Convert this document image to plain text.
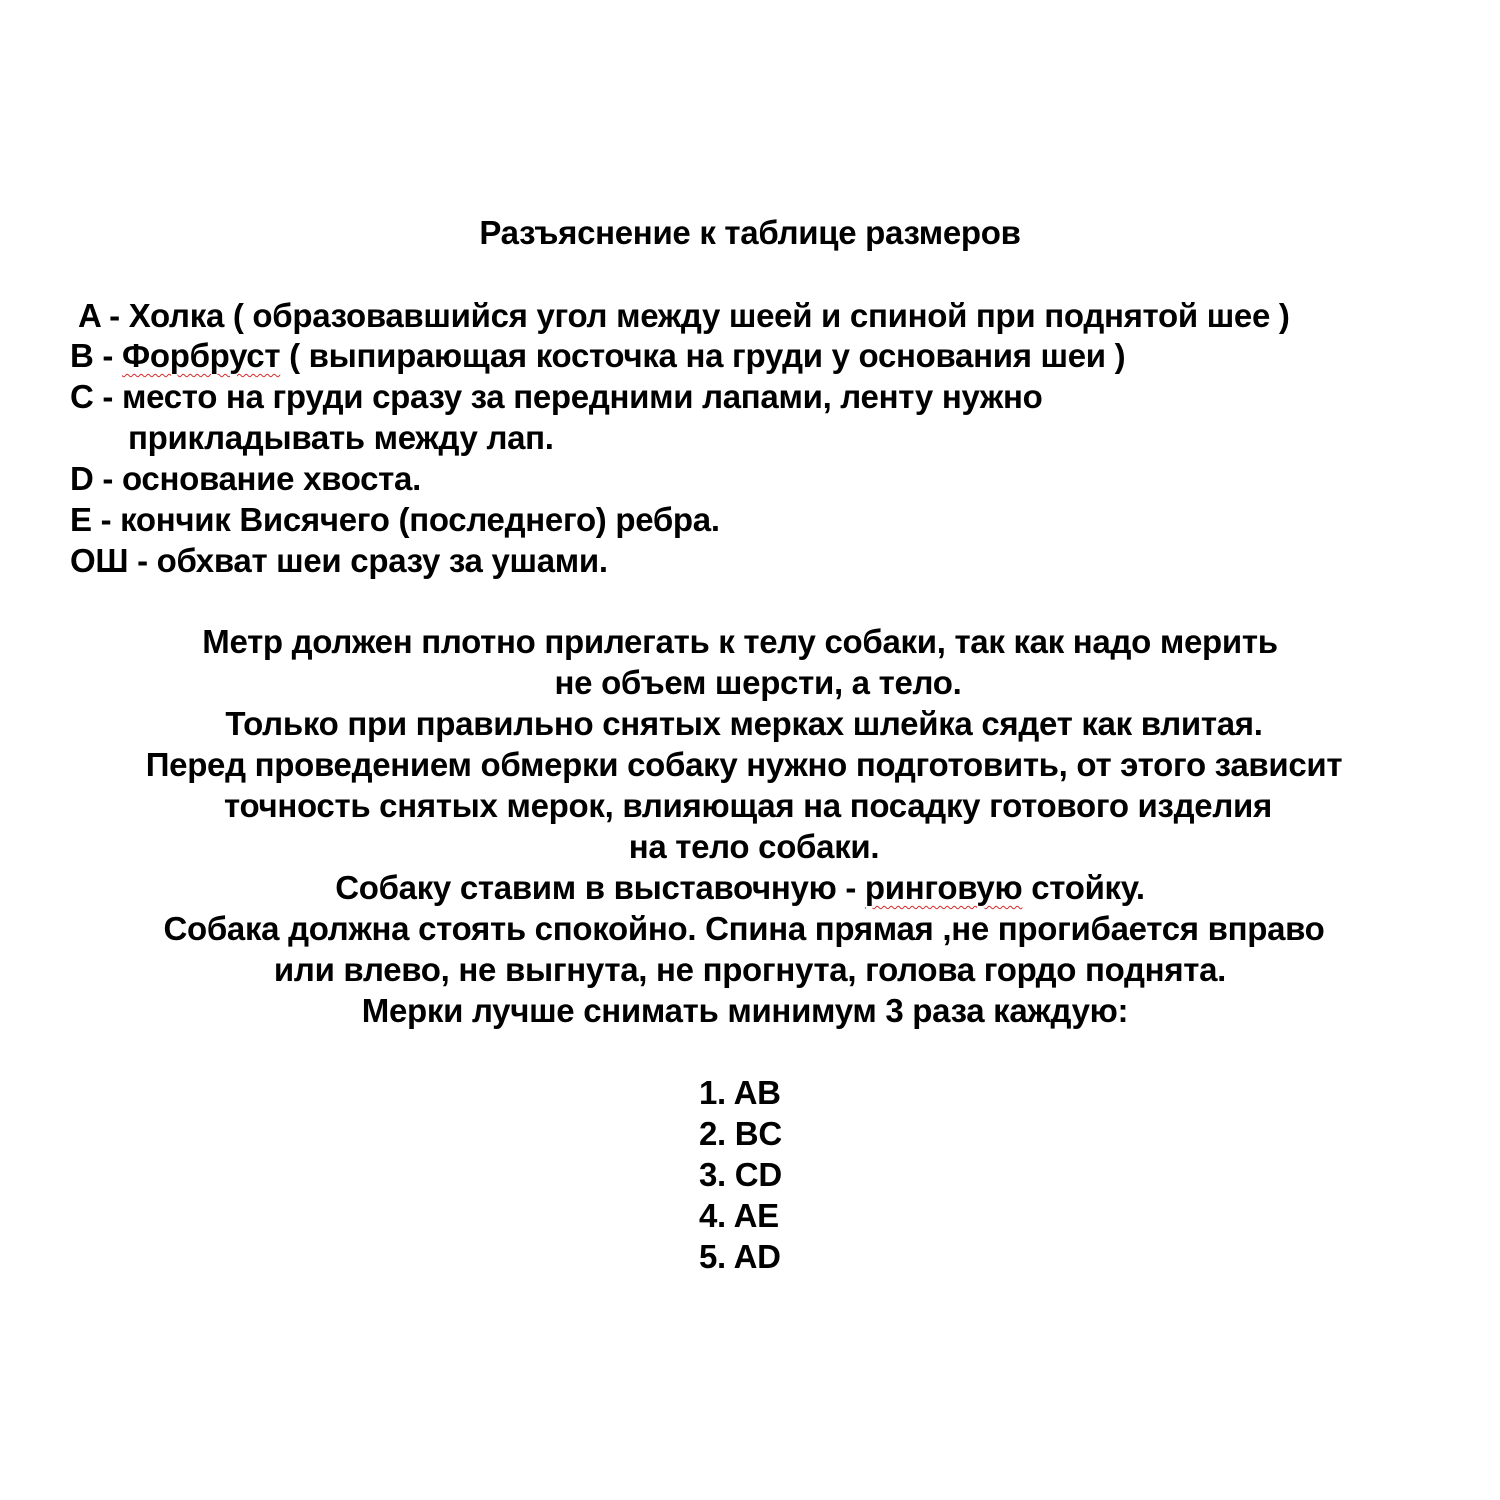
Разъяснение к таблице размеров
A - Холка ( образовавшийся угол между шеей и спиной при поднятой шее )
B - Форбруст ( выпирающая косточка на груди у основания шеи )
C - место на груди сразу за передними лапами, ленту нужно
прикладывать между лап.
D - основание хвоста.
E - кончик Висячего (последнего) ребра.
ОШ - обхват шеи сразу за ушами.
Метр должен плотно прилегать к телу собаки, так как надо мерить
не объем шерсти, а тело.
Только при правильно снятых мерках шлейка сядет как влитая.
Перед проведением обмерки собаку нужно подготовить, от этого зависит
точность снятых мерок, влияющая на посадку готового изделия
на тело собаки.
Собаку ставим в выставочную - ринговую стойку.
Собака должна стоять спокойно. Спина прямая ,не прогибается вправо
или влево, не выгнута, не прогнута, голова гордо поднята.
Мерки лучше снимать минимум 3 раза каждую:
1. AB
2. BC
3. CD
4. AE
5. AD
